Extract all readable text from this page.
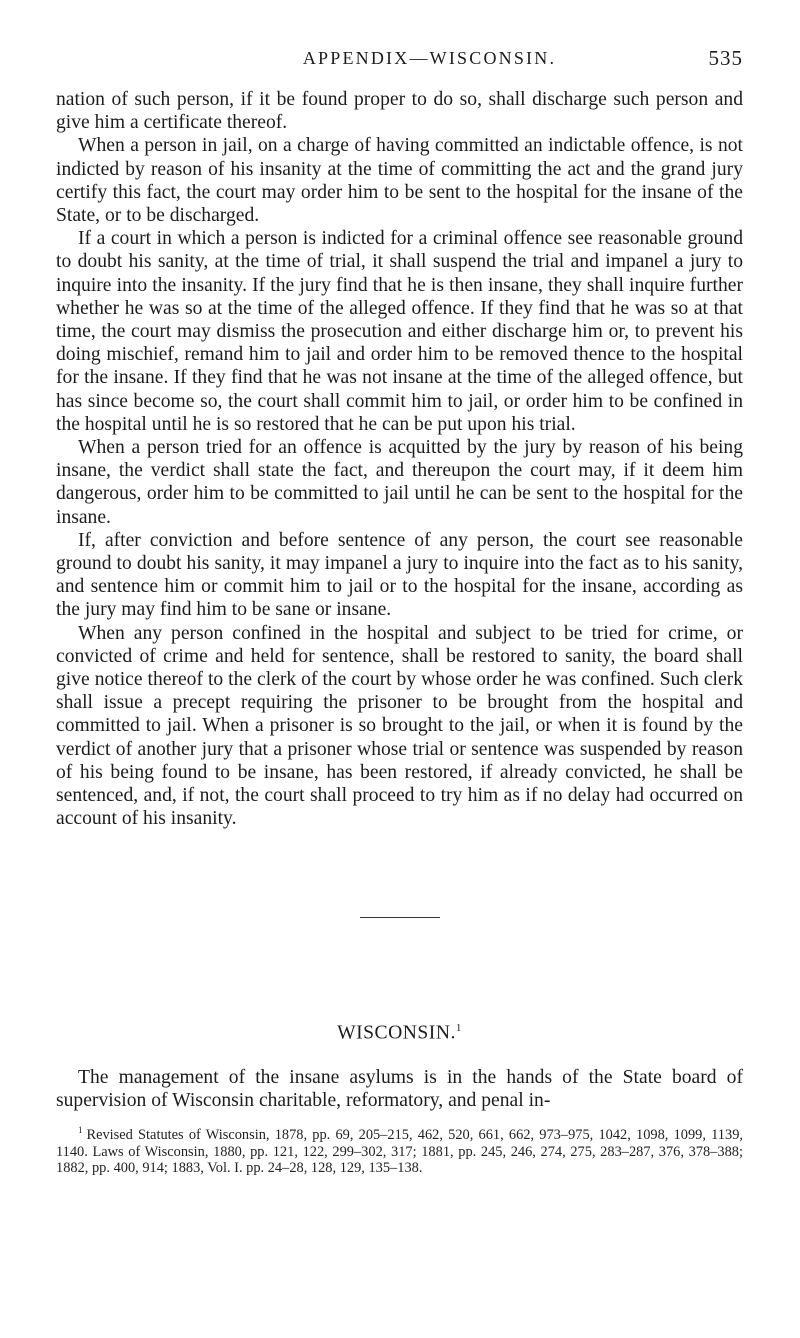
APPENDIX—WISCONSIN.	535

nation of such person, if it be found proper to do so, shall discharge such person and give him a certificate thereof.

When a person in jail, on a charge of having committed an indictable offence, is not indicted by reason of his insanity at the time of committing the act and the grand jury certify this fact, the court may order him to be sent to the hospital for the insane of the State, or to be discharged.

If a court in which a person is indicted for a criminal offence see reasonable ground to doubt his sanity, at the time of trial, it shall suspend the trial and impanel a jury to inquire into the insanity. If the jury find that he is then insane, they shall inquire further whether he was so at the time of the alleged offence. If they find that he was so at that time, the court may dismiss the prosecution and either discharge him or, to prevent his doing mischief, remand him to jail and order him to be removed thence to the hospital for the insane. If they find that he was not insane at the time of the alleged offence, but has since become so, the court shall commit him to jail, or order him to be confined in the hospital until he is so restored that he can be put upon his trial.

When a person tried for an offence is acquitted by the jury by reason of his being insane, the verdict shall state the fact, and thereupon the court may, if it deem him dangerous, order him to be committed to jail until he can be sent to the hospital for the insane.

If, after conviction and before sentence of any person, the court see reasonable ground to doubt his sanity, it may impanel a jury to inquire into the fact as to his sanity, and sentence him or commit him to jail or to the hospital for the insane, according as the jury may find him to be sane or insane.

When any person confined in the hospital and subject to be tried for crime, or convicted of crime and held for sentence, shall be restored to sanity, the board shall give notice thereof to the clerk of the court by whose order he was confined. Such clerk shall issue a precept requiring the prisoner to be brought from the hospital and committed to jail. When a prisoner is so brought to the jail, or when it is found by the verdict of another jury that a prisoner whose trial or sentence was suspended by reason of his being found to be insane, has been restored, if already convicted, he shall be sentenced, and, if not, the court shall proceed to try him as if no delay had occurred on account of his insanity.

WISCONSIN.$^1$

The management of the insane asylums is in the hands of the State board of supervision of Wisconsin charitable, reformatory, and penal in-

$^1$ Revised Statutes of Wisconsin, 1878, pp. 69, 205–215, 462, 520, 661, 662, 973–975, 1042, 1098, 1099, 1139, 1140. Laws of Wisconsin, 1880, pp. 121, 122, 299–302, 317; 1881, pp. 245, 246, 274, 275, 283–287, 376, 378–388; 1882, pp. 400, 914; 1883, Vol. I. pp. 24–28, 128, 129, 135–138.
